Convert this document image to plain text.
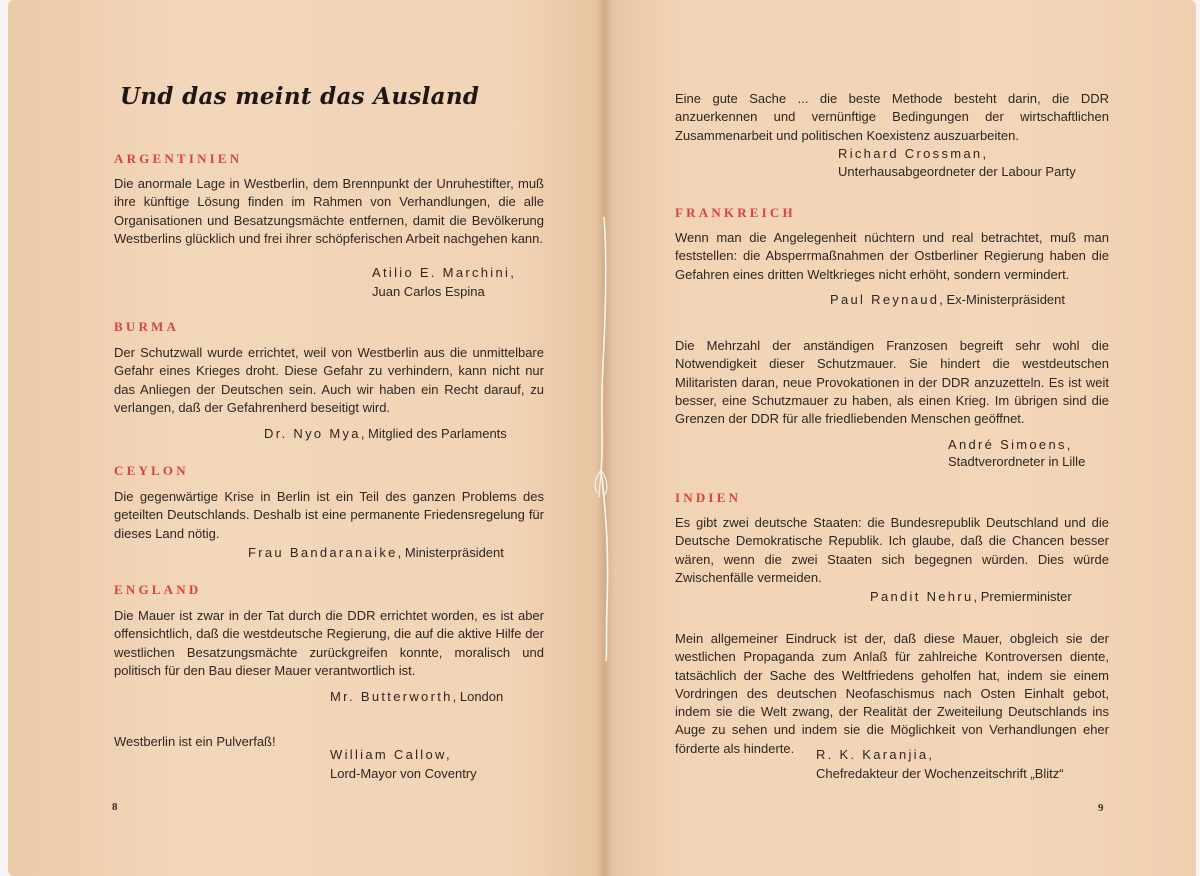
Und das meint das Ausland
ARGENTINIEN

Die anormale Lage in Westberlin, dem Brennpunkt der Unruhestifter, muß ihre künftige Lösung finden im Rahmen von Verhandlungen, die alle Organisationen und Besatzungsmächte entfernen, damit die Bevölkerung Westberlins glücklich und frei ihrer schöpferischen Arbeit nachgehen kann.

Atilio E. Marchini,
Juan Carlos Espina
BURMA

Der Schutzwall wurde errichtet, weil von Westberlin aus die unmittelbare Gefahr eines Krieges droht. Diese Gefahr zu verhindern, kann nicht nur das Anliegen der Deutschen sein. Auch wir haben ein Recht darauf, zu verlangen, daß der Gefahrenherd beseitigt wird.

Dr. Nyo Mya, Mitglied des Parlaments
CEYLON

Die gegenwärtige Krise in Berlin ist ein Teil des ganzen Problems des geteilten Deutschlands. Deshalb ist eine permanente Friedensregelung für dieses Land nötig.

Frau Bandaranaike, Ministerpräsident
ENGLAND

Die Mauer ist zwar in der Tat durch die DDR errichtet worden, es ist aber offensichtlich, daß die westdeutsche Regierung, die auf die aktive Hilfe der westlichen Besatzungsmächte zurückgreifen konnte, moralisch und politisch für den Bau dieser Mauer verantwortlich ist.

Mr. Butterworth, London
Westberlin ist ein Pulverfaß!
William Callow,
Lord-Mayor von Coventry
8

Eine gute Sache ... die beste Methode besteht darin, die DDR anzuerkennen und vernünftige Bedingungen der wirtschaftlichen Zusammenarbeit und politischen Koexistenz auszuarbeiten.

Richard Crossman,
Unterhausabgeordneter der Labour Party
FRANKREICH

Wenn man die Angelegenheit nüchtern und real betrachtet, muß man feststellen: die Absperrmaßnahmen der Ostberliner Regierung haben die Gefahren eines dritten Weltkrieges nicht erhöht, sondern vermindert.

Paul Reynaud, Ex-Ministerpräsident

Die Mehrzahl der anständigen Franzosen begreift sehr wohl die Notwendigkeit dieser Schutzmauer. Sie hindert die westdeutschen Militaristen daran, neue Provokationen in der DDR anzuzetteln. Es ist weit besser, eine Schutzmauer zu haben, als einen Krieg. Im übrigen sind die Grenzen der DDR für alle friedliebenden Menschen geöffnet.

André Simoens,
Stadtverordneter in Lille
INDIEN

Es gibt zwei deutsche Staaten: die Bundesrepublik Deutschland und die Deutsche Demokratische Republik. Ich glaube, daß die Chancen besser wären, wenn die zwei Staaten sich begegnen würden. Dies würde Zwischenfälle vermeiden.

Pandit Nehru, Premierminister

Mein allgemeiner Eindruck ist der, daß diese Mauer, obgleich sie der westlichen Propaganda zum Anlaß für zahlreiche Kontroversen diente, tatsächlich der Sache des Weltfriedens geholfen hat, indem sie einem Vordringen des deutschen Neofaschismus nach Osten Einhalt gebot, indem sie die Welt zwang, der Realität der Zweiteilung Deutschlands ins Auge zu sehen und indem sie die Möglichkeit von Verhandlungen eher förderte als hinderte.	R. K. Karanjia,
Chefredakteur der Wochenzeitschrift „Blitz“
9
